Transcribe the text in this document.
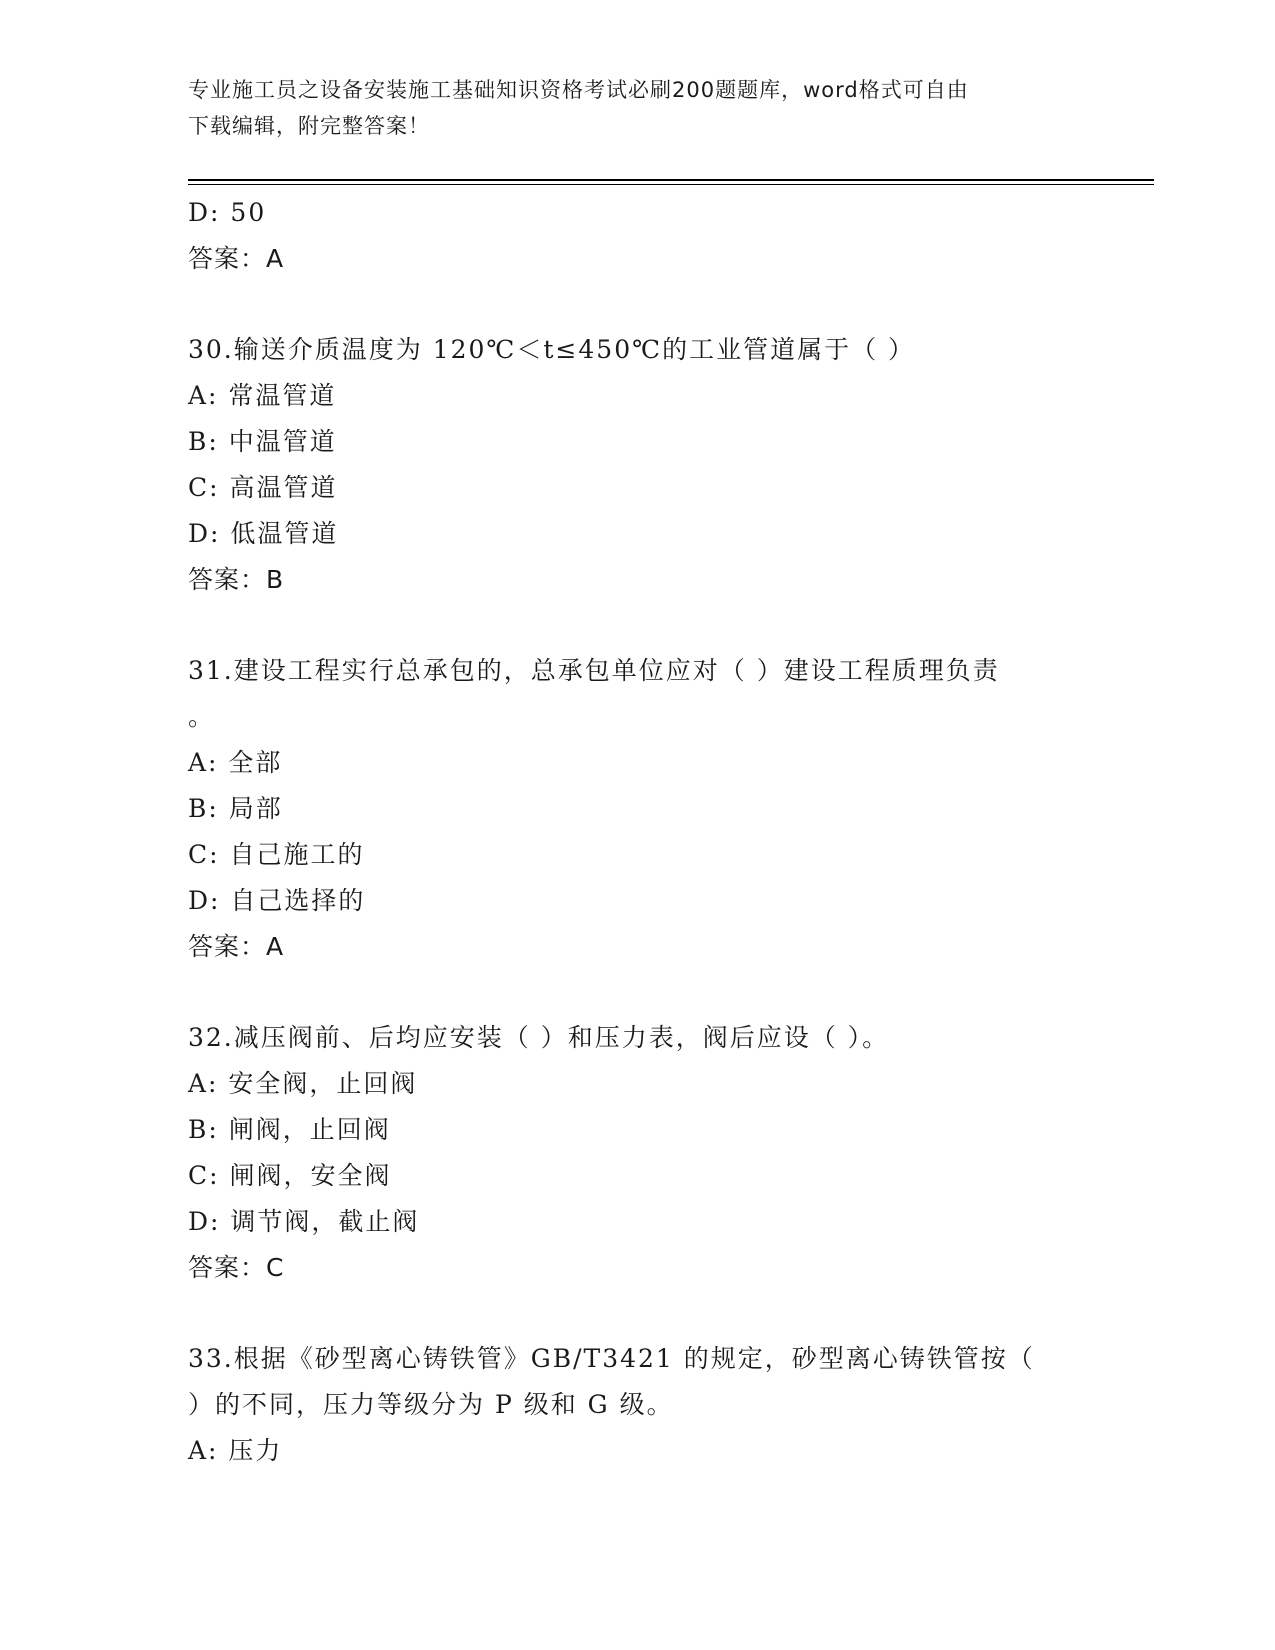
专业施工员之设备安装施工基础知识资格考试必刷200题题库，word格式可自由
下载编辑，附完整答案！
D: 50
答案：A
30.输送介质温度为 120℃＜t≤450℃的工业管道属于（ ）
A: 常温管道
B: 中温管道
C: 高温管道
D: 低温管道
答案：B
31.建设工程实行总承包的，总承包单位应对（ ）建设工程质理负责
。
A: 全部
B: 局部
C: 自己施工的
D: 自己选择的
答案：A
32.减压阀前、后均应安装（ ）和压力表，阀后应设（ ）。
A: 安全阀，止回阀
B: 闸阀，止回阀
C: 闸阀，安全阀
D: 调节阀，截止阀
答案：C
33.根据《砂型离心铸铁管》GB/T3421 的规定，砂型离心铸铁管按（
）的不同，压力等级分为 P 级和 G 级。
A: 压力
